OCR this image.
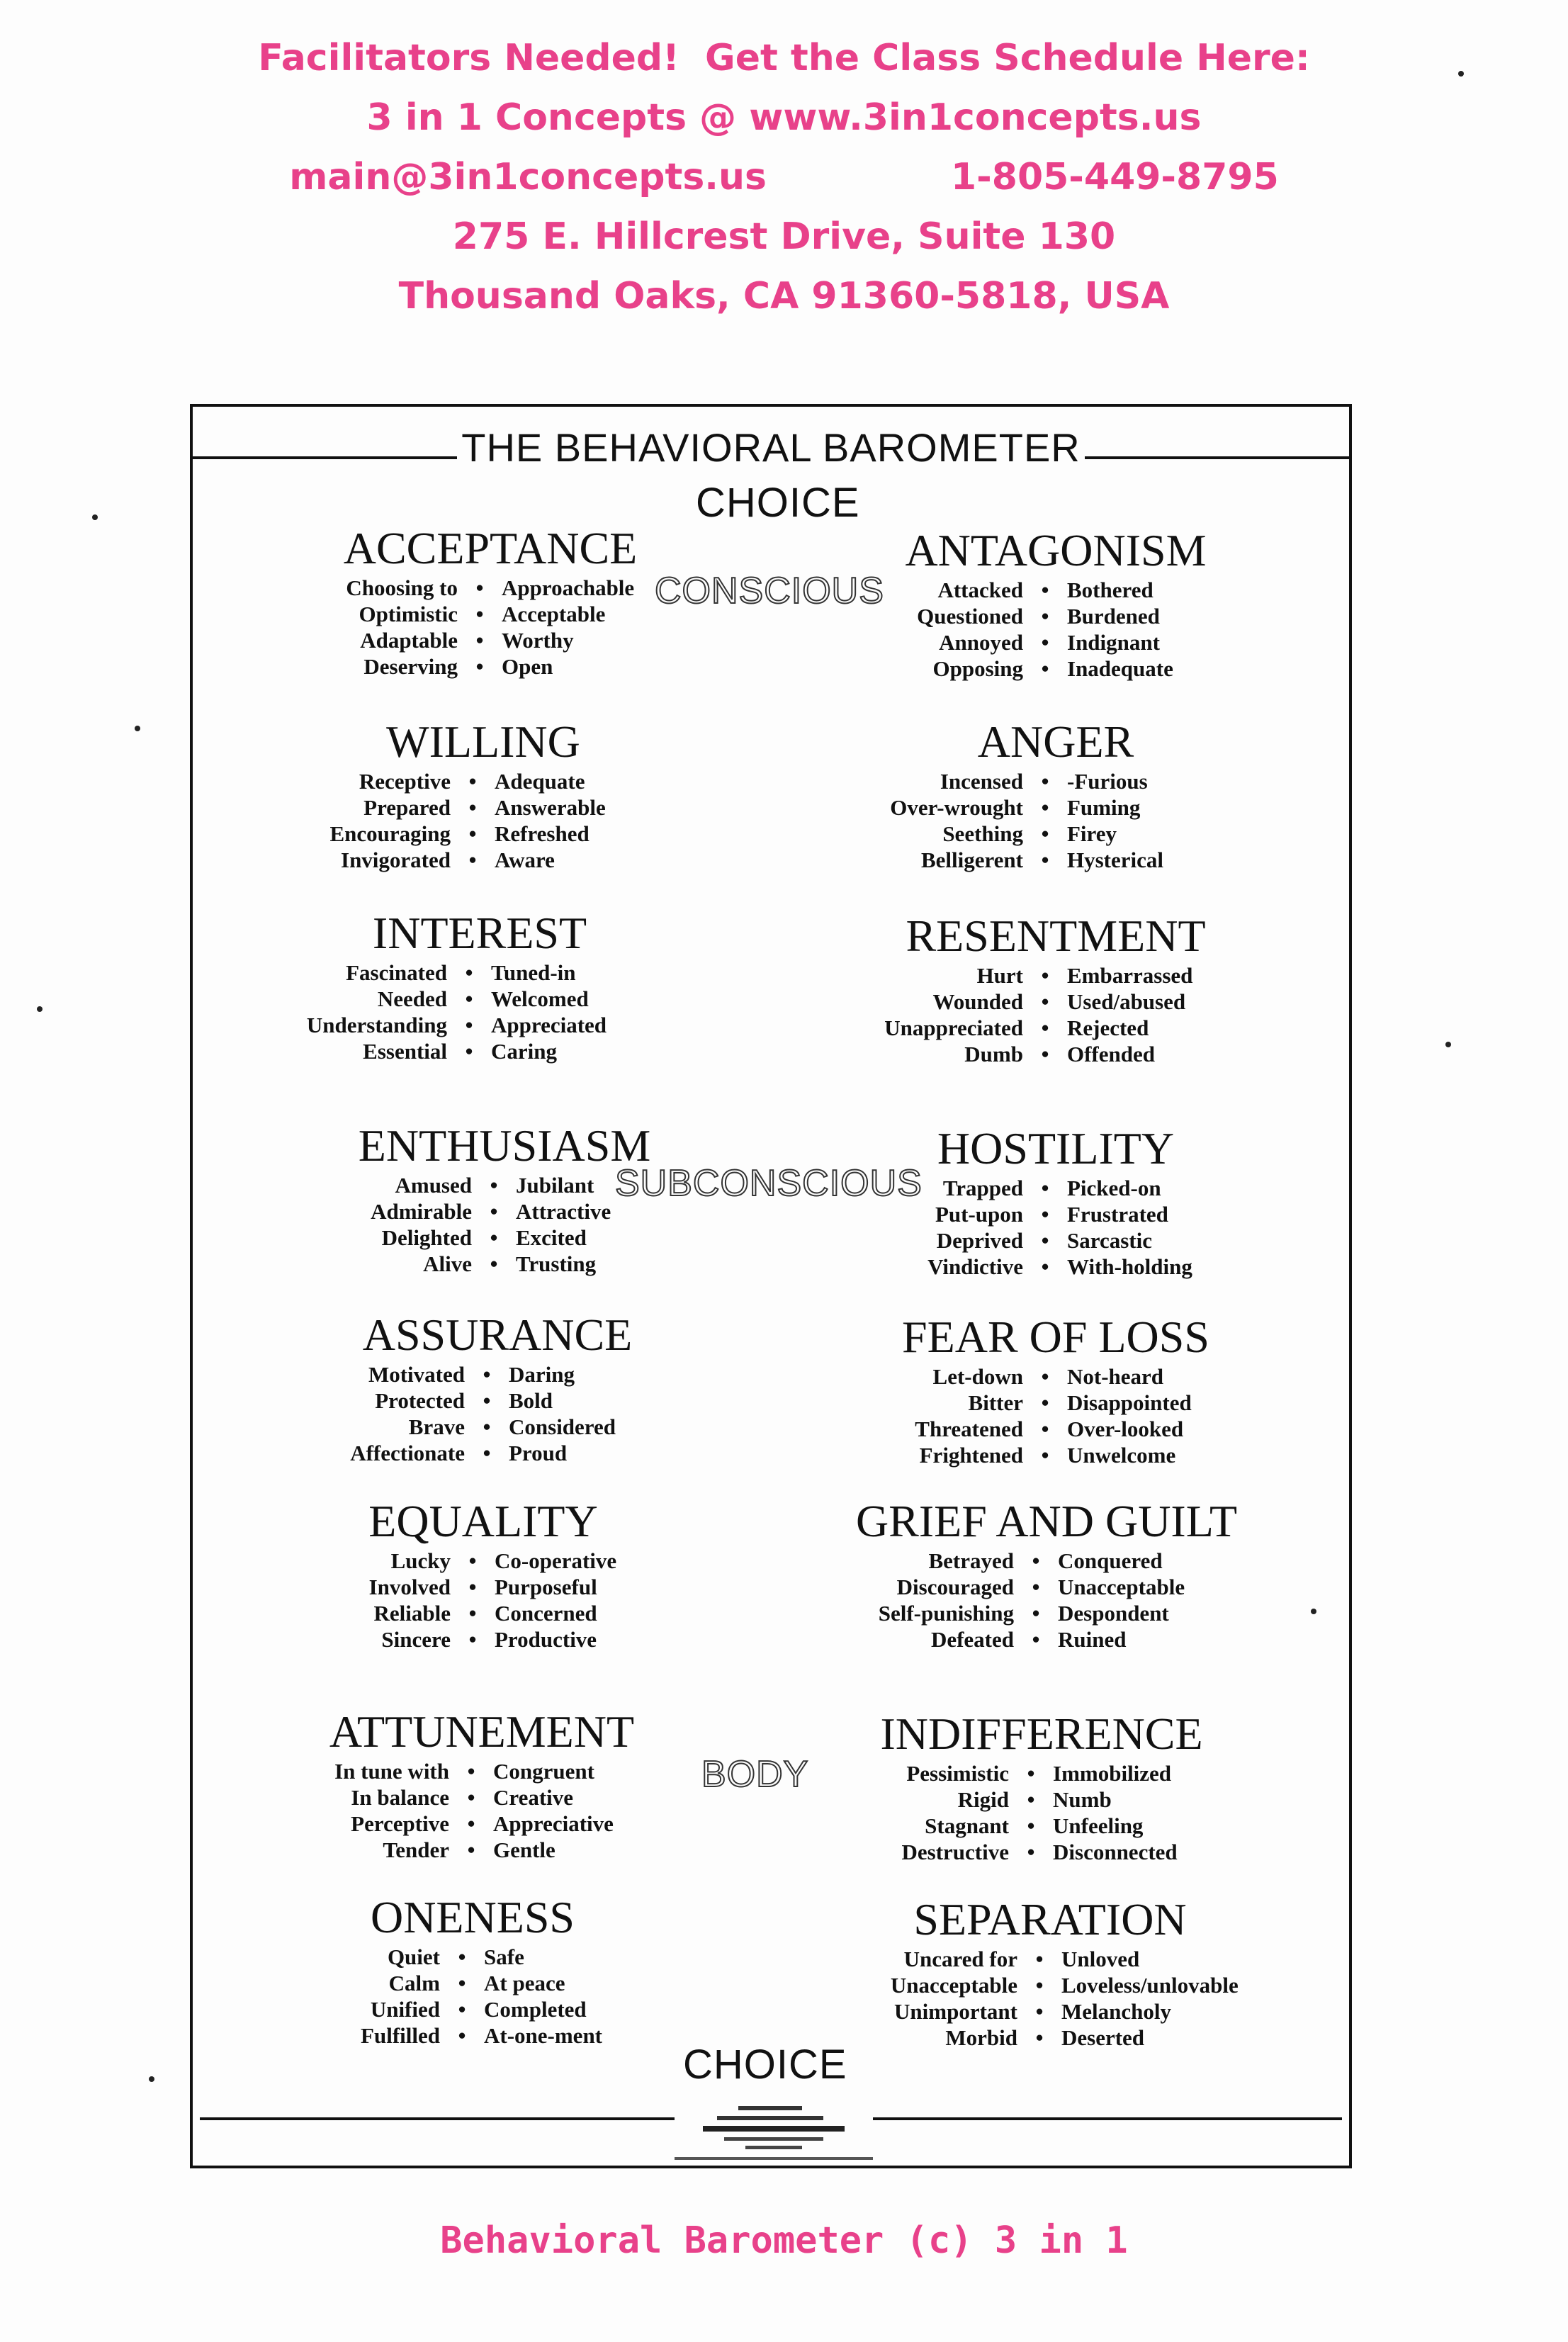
Facilitators Needed!  Get the Class Schedule Here:
3 in 1 Concepts @ www.3in1concepts.us
main@3in1concepts.us	1-805-449-8795
275 E. Hillcrest Drive, Suite 130
Thousand Oaks, CA 91360-5818, USA
THE BEHAVIORAL BAROMETER
CHOICE
CONSCIOUS
SUBCONSCIOUS
BODY
CHOICE
ACCEPTANCE
Choosing to • Approachable
Optimistic • Acceptable
Adaptable • Worthy
Deserving • Open
WILLING
Receptive • Adequate
Prepared • Answerable
Encouraging • Refreshed
Invigorated • Aware
INTEREST
Fascinated • Tuned-in
Needed • Welcomed
Understanding • Appreciated
Essential • Caring
ENTHUSIASM
Amused • Jubilant
Admirable • Attractive
Delighted • Excited
Alive • Trusting
ASSURANCE
Motivated • Daring
Protected • Bold
Brave • Considered
Affectionate • Proud
EQUALITY
Lucky • Co-operative
Involved • Purposeful
Reliable • Concerned
Sincere • Productive
ATTUNEMENT
In tune with • Congruent
In balance • Creative
Perceptive • Appreciative
Tender • Gentle
ONENESS
Quiet • Safe
Calm • At peace
Unified • Completed
Fulfilled • At-one-ment
ANTAGONISM
Attacked • Bothered
Questioned • Burdened
Annoyed • Indignant
Opposing • Inadequate
ANGER
Incensed • -Furious
Over-wrought • Fuming
Seething • Firey
Belligerent • Hysterical
RESENTMENT
Hurt • Embarrassed
Wounded • Used/abused
Unappreciated • Rejected
Dumb • Offended
HOSTILITY
Trapped • Picked-on
Put-upon • Frustrated
Deprived • Sarcastic
Vindictive • With-holding
FEAR OF LOSS
Let-down • Not-heard
Bitter • Disappointed
Threatened • Over-looked
Frightened • Unwelcome
GRIEF AND GUILT
Betrayed • Conquered
Discouraged • Unacceptable
Self-punishing • Despondent
Defeated • Ruined
INDIFFERENCE
Pessimistic • Immobilized
Rigid • Numb
Stagnant • Unfeeling
Destructive • Disconnected
SEPARATION
Uncared for • Unloved
Unacceptable • Loveless/unlovable
Unimportant • Melancholy
Morbid • Deserted
Behavioral Barometer (c) 3 in 1
